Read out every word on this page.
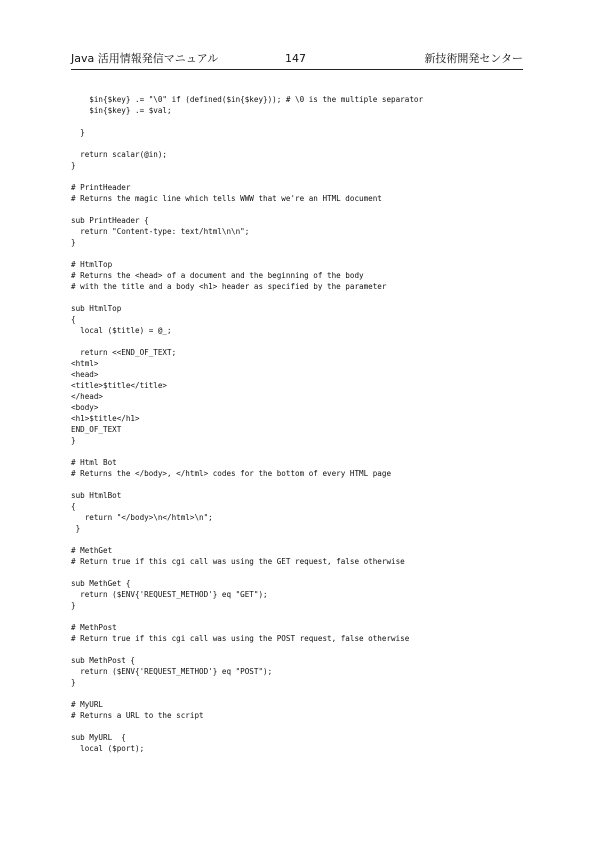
Java 活用情報発信マニュアル	147	新技術開発センター
$in{$key} .= "\0" if (defined($in{$key})); # \0 is the multiple separator
$in{$key} .= $val;
}
return scalar(@in);
}
# PrintHeader
# Returns the magic line which tells WWW that we're an HTML document
sub PrintHeader {
return "Content-type: text/html\n\n";
}
# HtmlTop
# Returns the <head> of a document and the beginning of the body
# with the title and a body <h1> header as specified by the parameter
sub HtmlTop
{
local ($title) = @_;
return <<END_OF_TEXT;
<html>
<head>
<title>$title</title>
</head>
<body>
<h1>$title</h1>
END_OF_TEXT
}
# Html Bot
# Returns the </body>, </html> codes for the bottom of every HTML page
sub HtmlBot
{
return "</body>\n</html>\n";
}
# MethGet
# Return true if this cgi call was using the GET request, false otherwise
sub MethGet {
return ($ENV{'REQUEST_METHOD'} eq "GET");
}
# MethPost
# Return true if this cgi call was using the POST request, false otherwise
sub MethPost {
return ($ENV{'REQUEST_METHOD'} eq "POST");
}
# MyURL
# Returns a URL to the script
sub MyURL  {
local ($port);
